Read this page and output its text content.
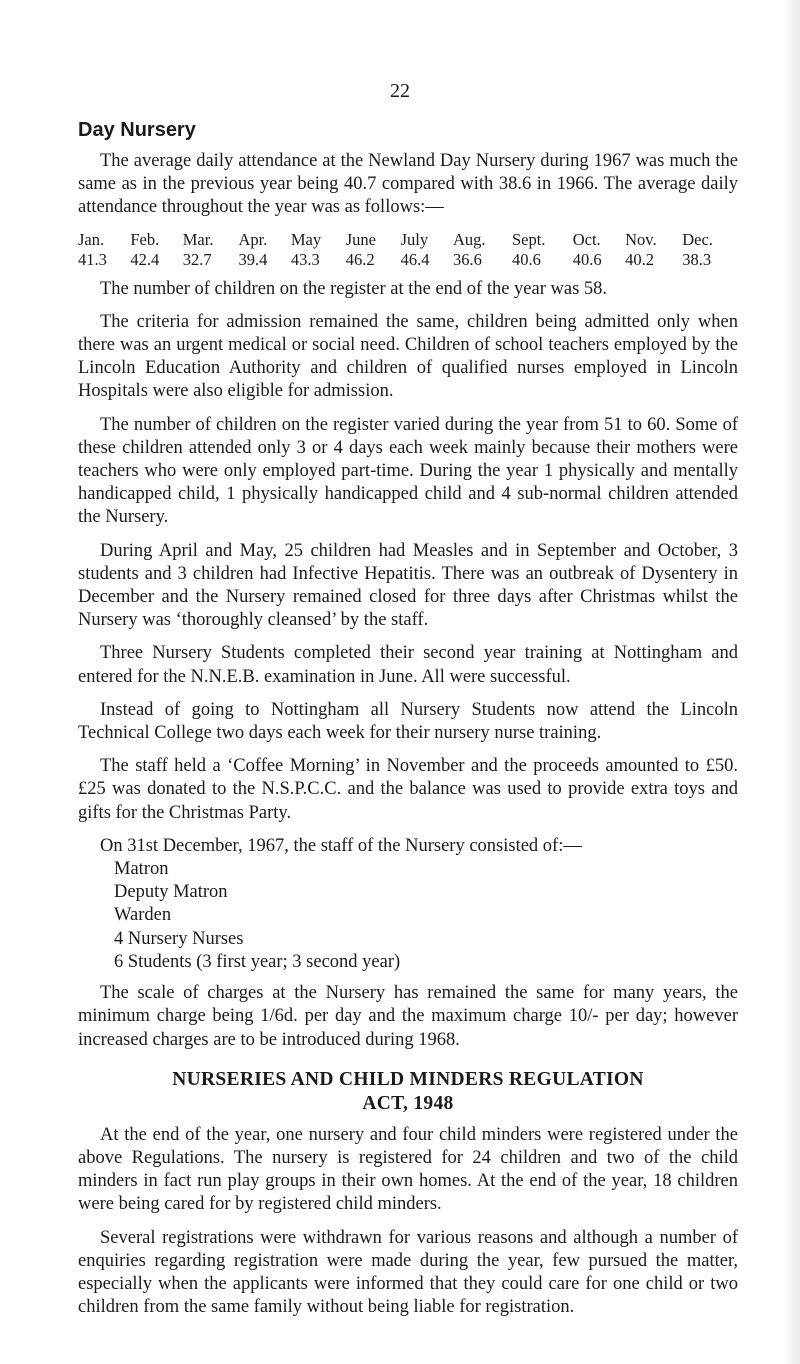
22
Day Nursery

The average daily attendance at the Newland Day Nursery during 1967 was much the same as in the previous year being 40.7 compared with 38.6 in 1966. The average daily attendance throughout the year was as follows:—

Jan.	Feb.	Mar.	Apr.	May	June	July	Aug.	Sept.	Oct.	Nov.	Dec.
41.3	42.4	32.7	39.4	43.3	46.2	46.4	36.6	40.6	40.6	40.2	38.3

The number of children on the register at the end of the year was 58.

The criteria for admission remained the same, children being admitted only when there was an urgent medical or social need. Children of school teachers employed by the Lincoln Education Authority and children of qualified nurses employed in Lincoln Hospitals were also eligible for admission.

The number of children on the register varied during the year from 51 to 60. Some of these children attended only 3 or 4 days each week mainly because their mothers were teachers who were only employed part-time. During the year 1 physically and mentally handicapped child, 1 physically handicapped child and 4 sub-normal children attended the Nursery.

During April and May, 25 children had Measles and in September and October, 3 students and 3 children had Infective Hepatitis. There was an outbreak of Dysentery in December and the Nursery remained closed for three days after Christmas whilst the Nursery was ‘thoroughly cleansed’ by the staff.

Three Nursery Students completed their second year training at Nottingham and entered for the N.N.E.B. examination in June. All were successful.

Instead of going to Nottingham all Nursery Students now attend the Lincoln Technical College two days each week for their nursery nurse training.

The staff held a ‘Coffee Morning’ in November and the proceeds amounted to £50. £25 was donated to the N.S.P.C.C. and the balance was used to provide extra toys and gifts for the Christmas Party.

On 31st December, 1967, the staff of the Nursery consisted of:—

Matron
Deputy Matron
Warden
4 Nursery Nurses
6 Students (3 first year; 3 second year)

The scale of charges at the Nursery has remained the same for many years, the minimum charge being 1/6d. per day and the maximum charge 10/- per day; however increased charges are to be introduced during 1968.

NURSERIES AND CHILD MINDERS REGULATION
ACT, 1948

At the end of the year, one nursery and four child minders were registered under the above Regulations. The nursery is registered for 24 children and two of the child minders in fact run play groups in their own homes. At the end of the year, 18 children were being cared for by registered child minders.

Several registrations were withdrawn for various reasons and although a number of enquiries regarding registration were made during the year, few pursued the matter, especially when the applicants were informed that they could care for one child or two children from the same family without being liable for registration.
